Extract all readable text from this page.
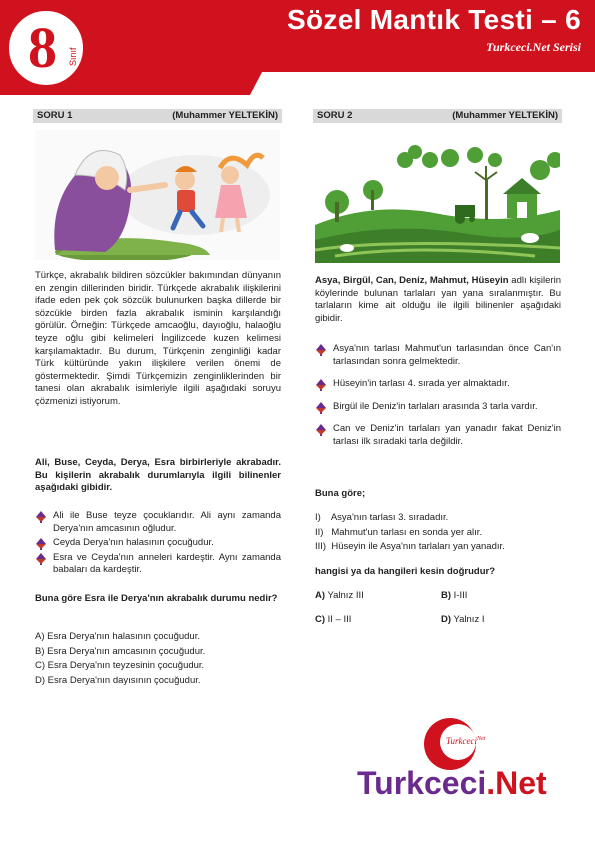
8 Sınıf
Sözel Mantık Testi – 6
Turkceci.Net Serisi
SORU 1	(Muhammer YELTEKİN)
Türkçe, akrabalık bildiren sözcükler bakımından dünyanın en zengin dillerinden biridir. Türkçede akrabalık ilişkilerini ifade eden pek çok sözcük bulunurken başka dillerde bir sözcükle birden fazla akrabalık isminin karşılandığı görülür. Örneğin: Türkçede amcaoğlu, dayıoğlu, halaoğlu teyze oğlu gibi kelimeleri İngilizcede kuzen kelimesi karşılamaktadır. Bu durum, Türkçenin zenginliği kadar Türk kültüründe yakın ilişkilere verilen önemi de göstermektedir. Şimdi Türkçemizin zenginliklerinden bir tanesi olan akrabalık isimleriyle ilgili aşağıdaki soruyu çözmenizi istiyorum.
Ali, Buse, Ceyda, Derya, Esra birbirleriyle akrabadır. Bu kişilerin akrabalık durumlarıyla ilgili bilinenler aşağıdaki gibidir.
Ali ile Buse teyze çocuklarıdır. Ali aynı zamanda Derya'nın amcasının oğludur.
Ceyda Derya'nın halasının çocuğudur.
Esra ve Ceyda'nın anneleri kardeştir. Aynı zamanda babaları da kardeştir.
Buna göre Esra ile Derya'nın akrabalık durumu nedir?
A) Esra Derya'nın halasının çocuğudur.
B) Esra Derya'nın amcasının çocuğudur.
C) Esra Derya'nın teyzesinin çocuğudur.
D) Esra Derya'nın dayısının çocuğudur.
SORU 2	(Muhammer YELTEKİN)
Asya, Birgül, Can, Deniz, Mahmut, Hüseyin adlı kişilerin köylerinde bulunan tarlaları yan yana sıralanmıştır. Bu tarlaların kime ait olduğu ile ilgili bilinenler aşağıdaki gibidir.
Asya'nın tarlası Mahmut'un tarlasından önce Can'ın tarlasından sonra gelmektedir.
Hüseyin'in tarlası 4. sırada yer almaktadır.
Birgül ile Deniz'in tarlaları arasında 3 tarla vardır.
Can ve Deniz'in tarlaları yan yanadır fakat Deniz'in tarlası ilk sıradaki tarla değildir.
Buna göre;
I)    Asya'nın tarlası 3. sıradadır.
II)   Mahmut'un tarlası en sonda yer alır.
III)  Hüseyin ile Asya'nın tarlaları yan yanadır.
hangisi ya da hangileri kesin doğrudur?
A) Yalnız III	B) I-III
C) II – III	D) Yalnız I
Turkceci$^{Net}$
Turkceci.Net
